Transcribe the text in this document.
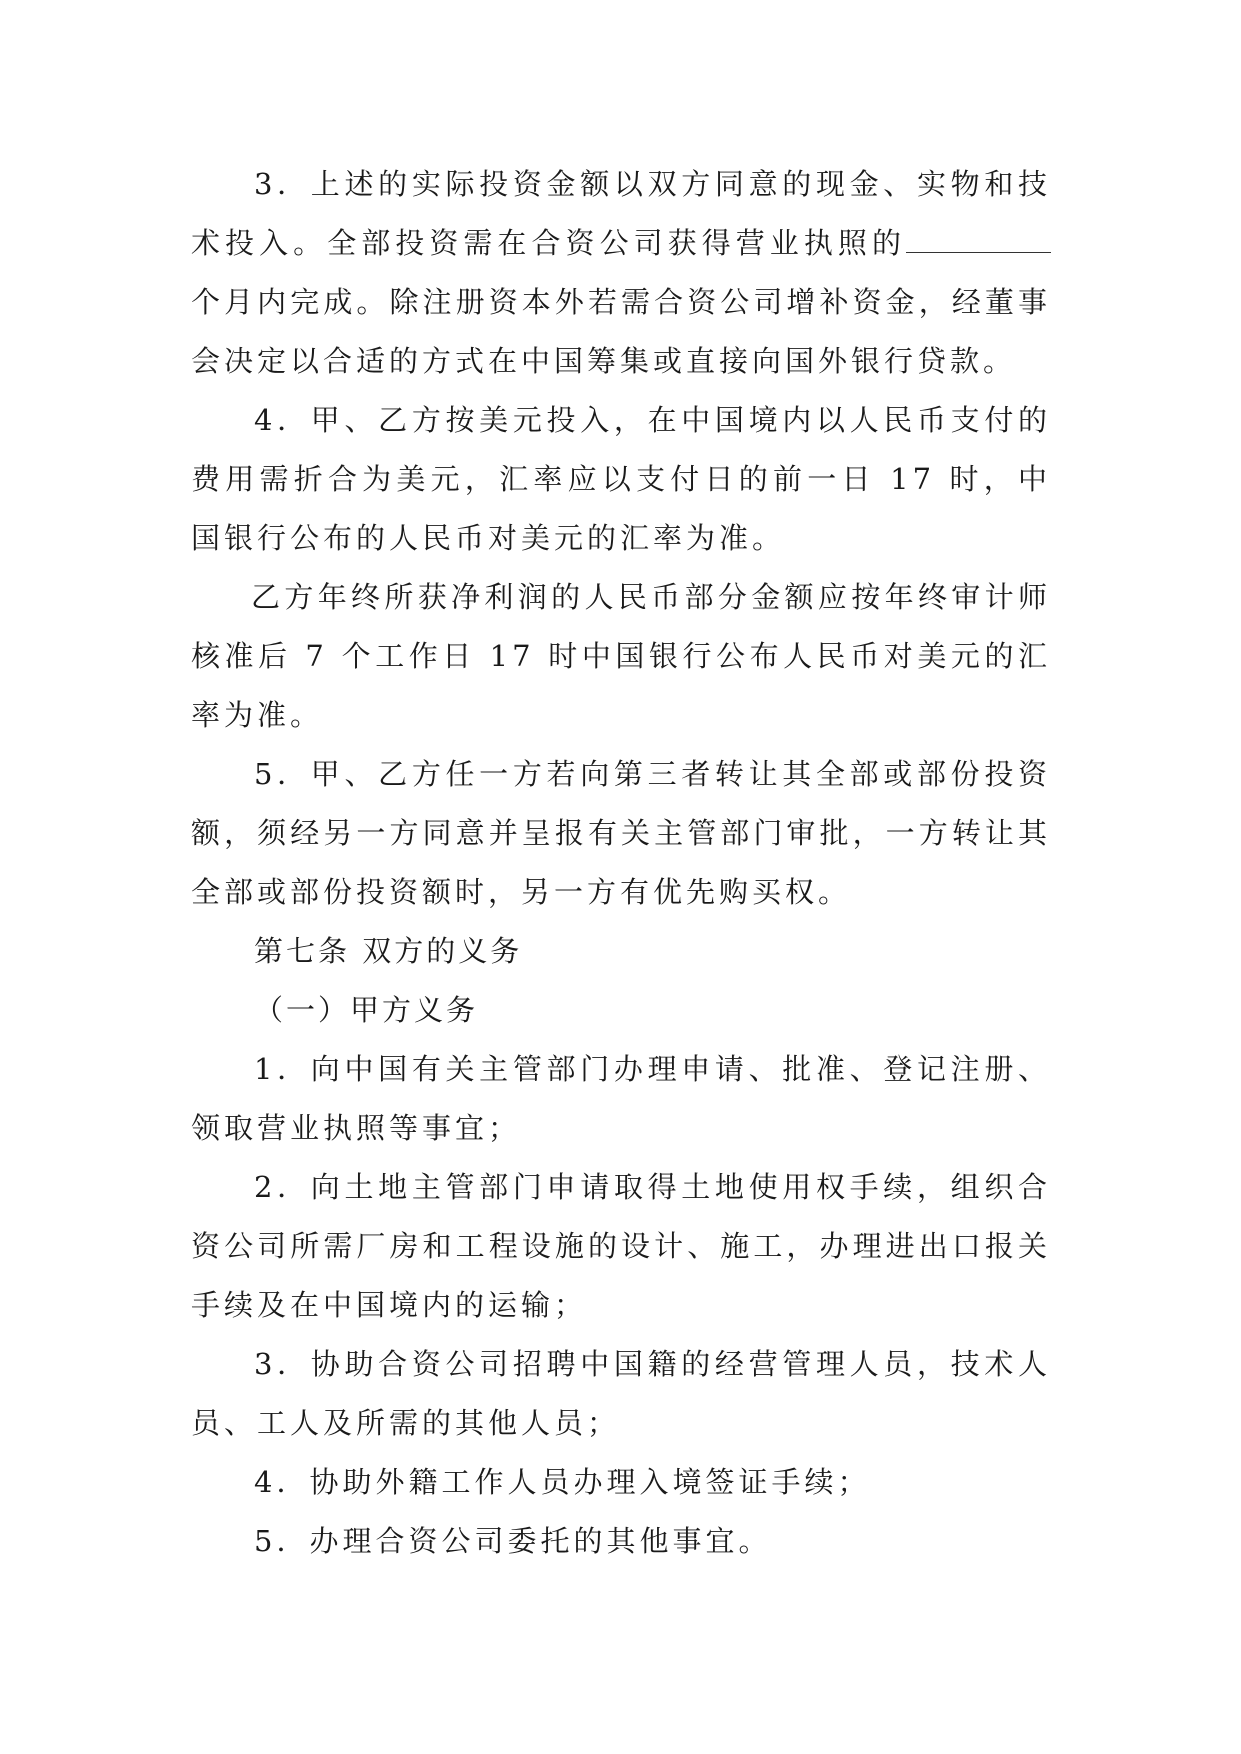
3．上述的实际投资金额以双方同意的现金、实物和技术投入。全部投资需在合资公司获得营业执照的个月内完成。除注册资本外若需合资公司增补资金，经董事会决定以合适的方式在中国筹集或直接向国外银行贷款。

4．甲、乙方按美元投入，在中国境内以人民币支付的费用需折合为美元，汇率应以支付日的前一日 17 时，中国银行公布的人民币对美元的汇率为准。

乙方年终所获净利润的人民币部分金额应按年终审计师核准后 7 个工作日 17 时中国银行公布人民币对美元的汇率为准。

5．甲、乙方任一方若向第三者转让其全部或部份投资额，须经另一方同意并呈报有关主管部门审批，一方转让其全部或部份投资额时，另一方有优先购买权。

第七条 双方的义务

（一）甲方义务

1．向中国有关主管部门办理申请、批准、登记注册、领取营业执照等事宜；

2．向土地主管部门申请取得土地使用权手续，组织合资公司所需厂房和工程设施的设计、施工，办理进出口报关手续及在中国境内的运输；

3．协助合资公司招聘中国籍的经营管理人员，技术人员、工人及所需的其他人员；

4．协助外籍工作人员办理入境签证手续；

5．办理合资公司委托的其他事宜。
